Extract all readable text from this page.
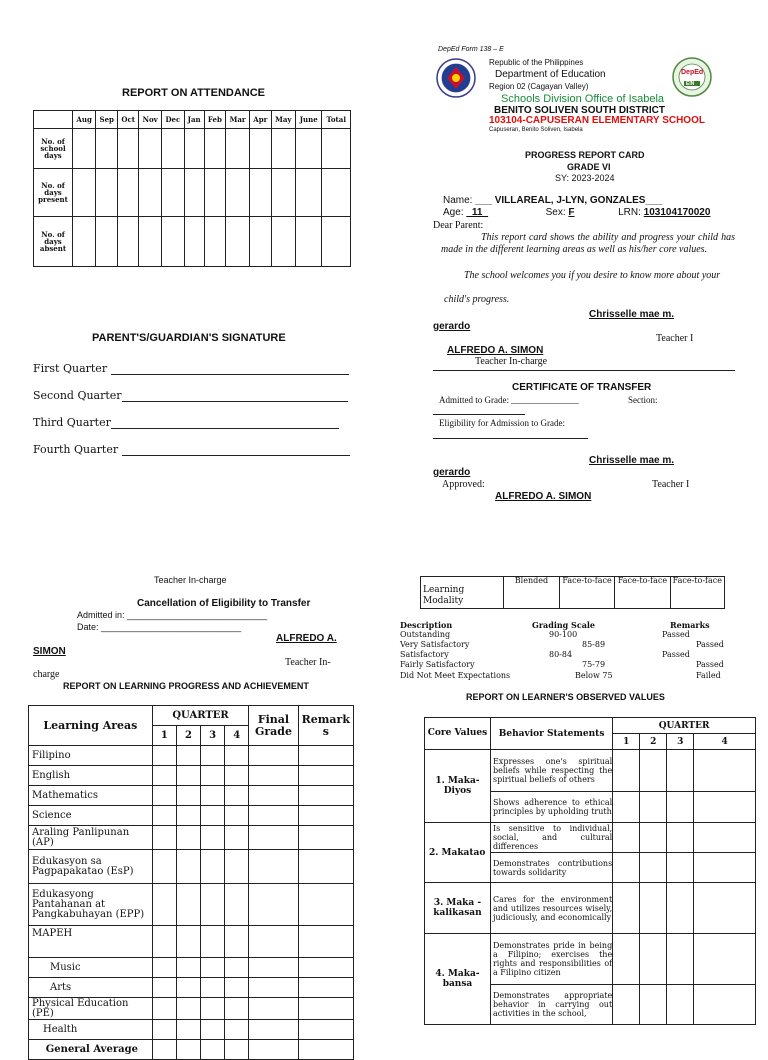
REPORT ON ATTENDANCE
	Aug	Sep	Oct	Nov	Dec	Jan	Feb	Mar	Apr	May	June	Total
No. of school days												
No. of days present												
No. of days absent												
PARENT'S/GUARDIAN'S SIGNATURE
First Quarter
Second Quarter
Third Quarter
Fourth Quarter
DepEd Form 138 – E
DepEd
EIN
Republic of the Philippines
Department of Education
Region 02 (Cagayan Valley)
Schools Division Office of Isabela
BENITO SOLIVEN SOUTH DISTRICT
103104-CAPUSERAN ELEMENTARY SCHOOL
Capuseran, Benito Soliven, Isabela
PROGRESS REPORT CARD
GRADE VI
SY: 2023-2024
Name: ___ VILLAREAL, J-LYN, GONZALES___
Age: _11_	Sex: F	LRN: 103104170020
Dear Parent:
This report card shows the ability and progress your child has made in the different learning areas as well as his/her core values.
The school welcomes you if you desire to know more about your
child's progress.
Chrisselle mae m.
gerardo
Teacher I
ALFREDO A. SIMON
Teacher In-charge
CERTIFICATE OF TRANSFER
Admitted to Grade: _______________	Section:
Eligibility for Admission to Grade:
Chrisselle mae m.
gerardo
Approved:	Teacher I
ALFREDO A. SIMON
Teacher In-charge
Cancellation of Eligibility to Transfer
Admitted in: ____________________________
Date: ____________________________
ALFREDO A.
SIMON
Teacher In-
charge
Learning Modality	Blended	Face-to-face	Face-to-face	Face-to-face
Description	Grading Scale	Remarks
Outstanding	90-100	Passed
Very Satisfactory	85-89	Passed
Satisfactory	80-84	Passed
Fairly Satisfactory	75-79	Passed
Did Not Meet Expectations	Below 75	Failed
REPORT ON LEARNING PROGRESS AND ACHIEVEMENT
Learning Areas	QUARTER				Final Grade	Remarks
	1	2	3	4		
Filipino						
English						
Mathematics						
Science						
Araling Panlipunan (AP)						
Edukasyon sa Pagpapakatao (EsP)						
Edukasyong Pantahanan at Pangkabuhayan (EPP)						
MAPEH						
Music						
Arts						
Physical Education (PE)						
Health						
General Average						
REPORT ON LEARNER'S OBSERVED VALUES
Core Values	Behavior Statements	QUARTER			
		1	2	3	4
1. Maka-Diyos	Expresses one's spiritual beliefs while respecting the spiritual beliefs of others				
	Shows adherence to ethical principles by upholding truth				
2. Makatao	Is sensitive to individual, social, and cultural differences				
	Demonstrates contributions towards solidarity				
3. Maka - kalikasan	Cares for the environment and utilizes resources wisely, judiciously, and economically				
4. Maka-bansa	Demonstrates pride in being a Filipino; exercises the rights and responsibilities of a Filipino citizen				
	Demonstrates appropriate behavior in carrying out activities in the school,				
